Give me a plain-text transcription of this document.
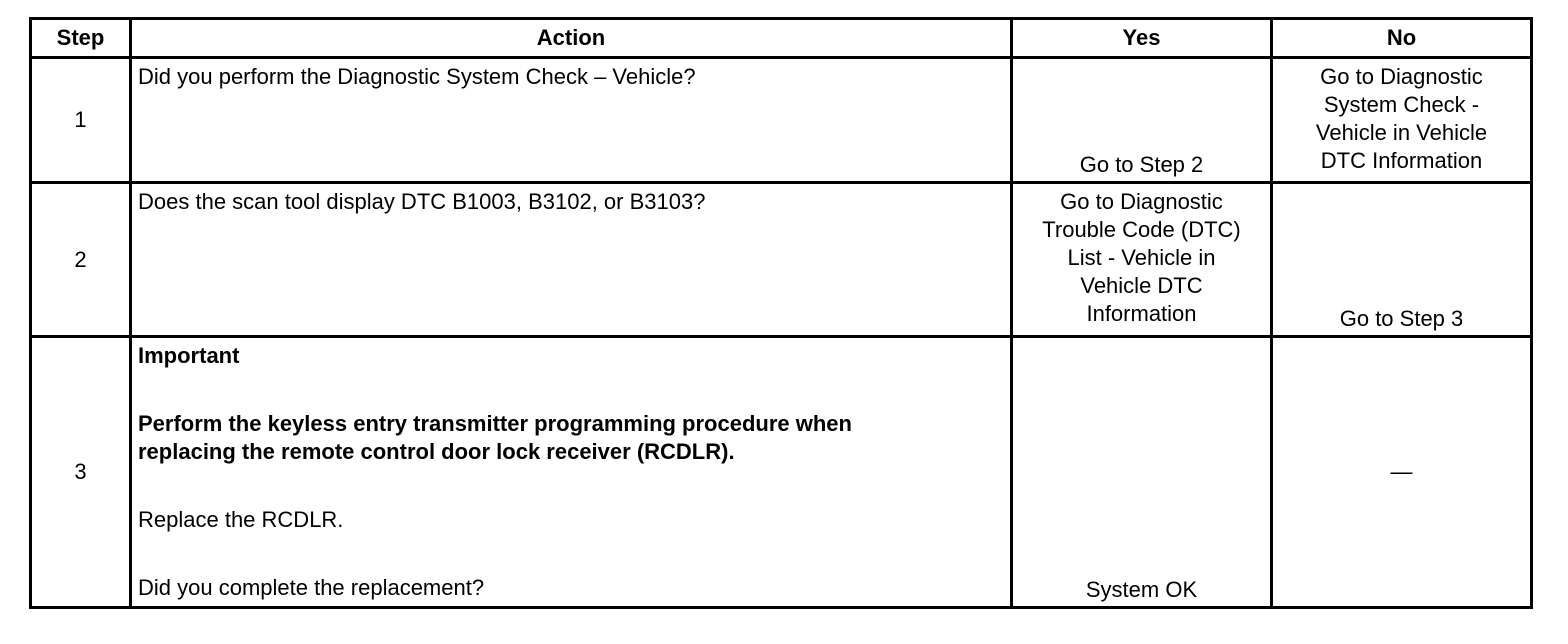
Step	Action	Yes	No
1	Did you perform the Diagnostic System Check – Vehicle?	Go to Step 2	Go to Diagnostic
System Check -
Vehicle in Vehicle
DTC Information

2	Does the scan tool display DTC B1003, B3102, or B3103?	Go to Diagnostic
Trouble Code (DTC)
List - Vehicle in
Vehicle DTC
Information	Go to Step 3

3	Important
Perform the keyless entry transmitter programming procedure when
replacing the remote control door lock receiver (RCDLR).
Replace the RCDLR.
Did you complete the replacement?	System OK	—
